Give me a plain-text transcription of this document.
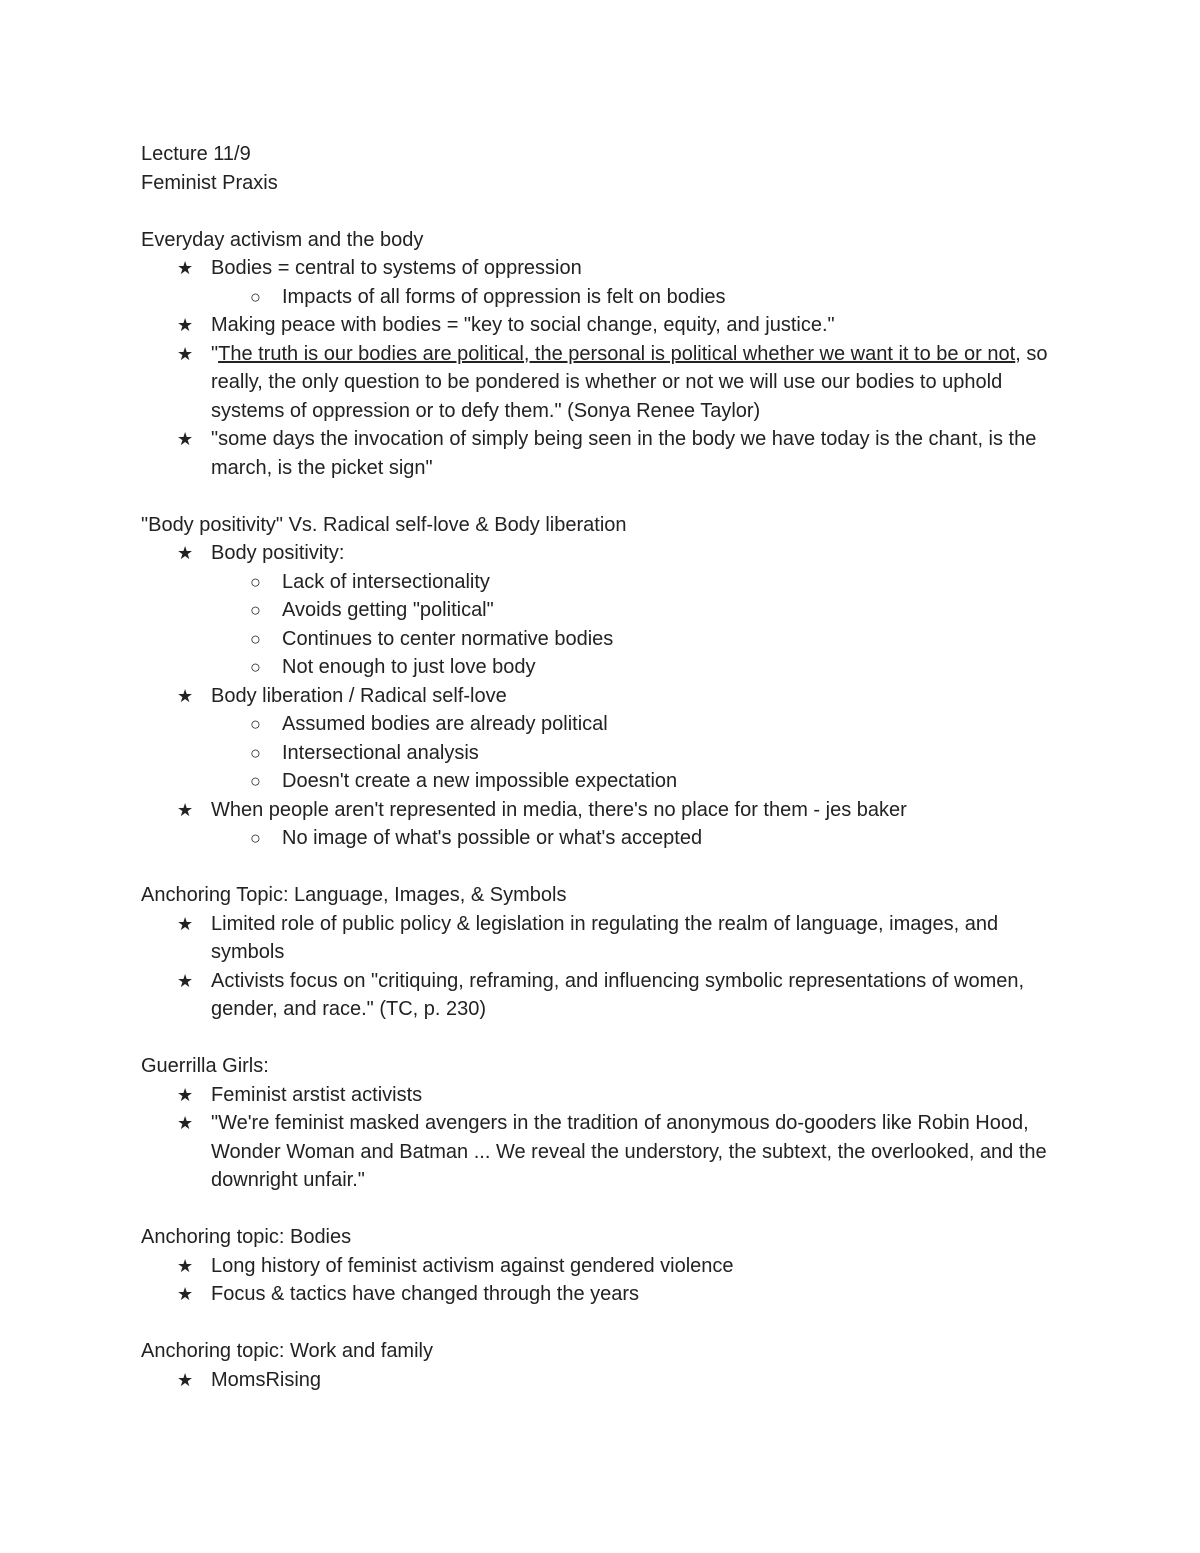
Lecture 11/9

Feminist Praxis

Everyday activism and the body

★ Bodies = central to systems of oppression
○ Impacts of all forms of oppression is felt on bodies
★ Making peace with bodies = "key to social change, equity, and justice."
★ "The truth is our bodies are political, the personal is political whether we want it to be or not, so really, the only question to be pondered is whether or not we will use our bodies to uphold systems of oppression or to defy them." (Sonya Renee Taylor)
★ "some days the invocation of simply being seen in the body we have today is the chant, is the march, is the picket sign"

"Body positivity" Vs. Radical self-love & Body liberation

★ Body positivity:
○ Lack of intersectionality
○ Avoids getting "political"
○ Continues to center normative bodies
○ Not enough to just love body
★ Body liberation / Radical self-love
○ Assumed bodies are already political
○ Intersectional analysis
○ Doesn't create a new impossible expectation
★ When people aren't represented in media, there's no place for them - jes baker
○ No image of what's possible or what's accepted

Anchoring Topic: Language, Images, & Symbols

★ Limited role of public policy & legislation in regulating the realm of language, images, and symbols
★ Activists focus on "critiquing, reframing, and influencing symbolic representations of women, gender, and race." (TC, p. 230)

Guerrilla Girls:

★ Feminist arstist activists
★ "We're feminist masked avengers in the tradition of anonymous do-gooders like Robin Hood, Wonder Woman and Batman ... We reveal the understory, the subtext, the overlooked, and the downright unfair."

Anchoring topic: Bodies

★ Long history of feminist activism against gendered violence
★ Focus & tactics have changed through the years

Anchoring topic: Work and family

★ MomsRising
